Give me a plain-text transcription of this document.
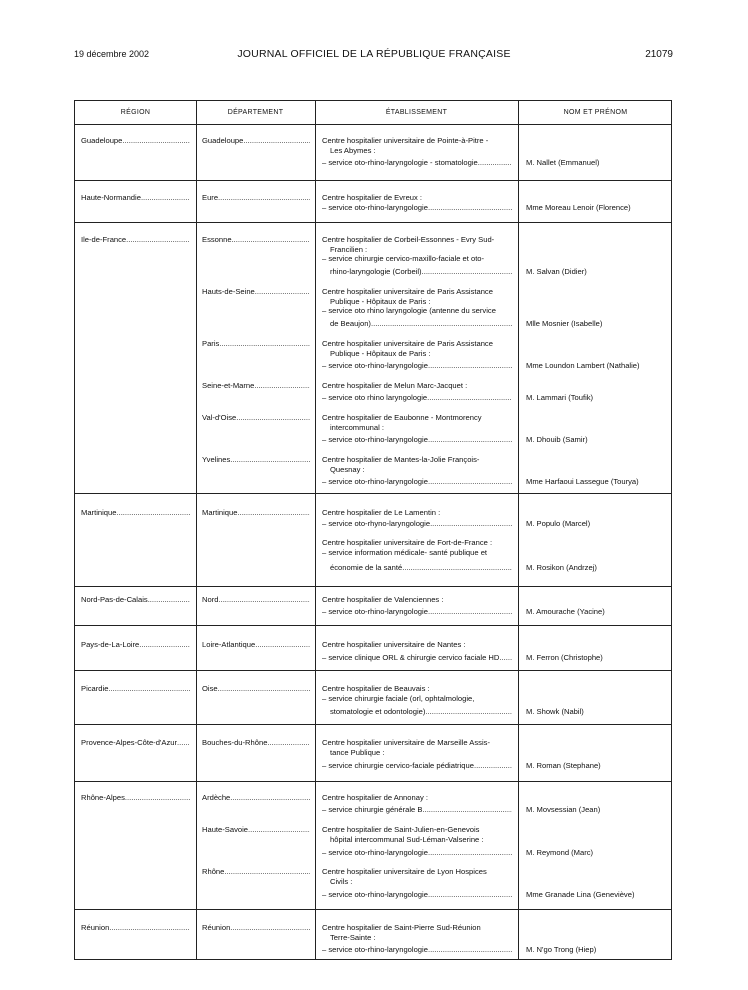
19 décembre 2002	JOURNAL OFFICIEL DE LA RÉPUBLIQUE FRANÇAISE	21079
RÉGION	DÉPARTEMENT	ÉTABLISSEMENT	NOM ET PRÉNOM
Guadeloupe .....	Guadeloupe .....	Centre hospitalier universitaire de Pointe-à-Pitre -
Les Abymes :
– service oto-rhino-laryngologie - stomatologie .....	M. Nallet (Emmanuel)
Haute-Normandie .....	Eure .....	Centre hospitalier de Evreux :
– service oto-rhino-laryngologie .....	Mme Moreau Lenoir (Florence)
Ile-de-France .....	Essonne .....	Centre hospitalier de Corbeil-Essonnes - Evry Sud-
Francilien :
– service chirurgie cervico-maxillo-faciale et oto-
rhino-laryngologie (Corbeil) .....	M. Salvan (Didier)
Hauts-de-Seine .....	Centre hospitalier universitaire de Paris Assistance
Publique - Hôpitaux de Paris :
– service oto rhino laryngologie (antenne du service
de Beaujon) .....	Mlle Mosnier (Isabelle)
Paris .....	Centre hospitalier universitaire de Paris Assistance
Publique - Hôpitaux de Paris :
– service oto-rhino-laryngologie .....	Mme Loundon Lambert (Nathalie)
Seine-et-Marne .....	Centre hospitalier de Melun Marc-Jacquet :
– service oto rhino laryngologie .....	M. Lammari (Toufik)
Val-d'Oise .....	Centre hospitalier de Eaubonne - Montmorency
intercommunal :
– service oto-rhino-laryngologie .....	M. Dhouib (Samir)
Yvelines .....	Centre hospitalier de Mantes-la-Jolie François-
Quesnay :
– service oto-rhino-laryngologie .....	Mme Harfaoui Lassegue (Tourya)
Martinique .....	Martinique .....	Centre hospitalier de Le Lamentin :
– service oto-rhyno-laryngologie .....	M. Populo (Marcel)
Centre hospitalier universitaire de Fort-de-France :
– service information médicale- santé publique et
économie de la santé .....	M. Rosikon (Andrzej)
Nord-Pas-de-Calais .....	Nord .....	Centre hospitalier de Valenciennes :
– service oto-rhino-laryngologie .....	M. Amourache (Yacine)
Pays-de-La-Loire .....	Loire-Atlantique .....	Centre hospitalier universitaire de Nantes :
– service clinique ORL & chirurgie cervico faciale HD .....	M. Ferron (Christophe)
Picardie .....	Oise .....	Centre hospitalier de Beauvais :
– service chirurgie faciale (orl, ophtalmologie,
stomatologie et odontologie) .....	M. Showk (Nabil)
Provence-Alpes-Côte-d'Azur .....	Bouches-du-Rhône .....	Centre hospitalier universitaire de Marseille Assis-
tance Publique :
– service chirurgie cervico-faciale pédiatrique .....	M. Roman (Stephane)
Rhône-Alpes .....	Ardèche .....	Centre hospitalier de Annonay :
– service chirurgie générale B .....	M. Movsessian (Jean)
Haute-Savoie .....	Centre hospitalier de Saint-Julien-en-Genevois
hôpital intercommunal Sud-Léman-Valserine :
– service oto-rhino-laryngologie .....	M. Reymond (Marc)
Rhône .....	Centre hospitalier universitaire de Lyon Hospices
Civils :
– service oto-rhino-laryngologie .....	Mme Granade Lina (Geneviève)
Réunion .....	Réunion .....	Centre hospitalier de Saint-Pierre Sud-Réunion
Terre-Sainte :
– service oto-rhino-laryngologie .....	M. N'go Trong (Hiep)
